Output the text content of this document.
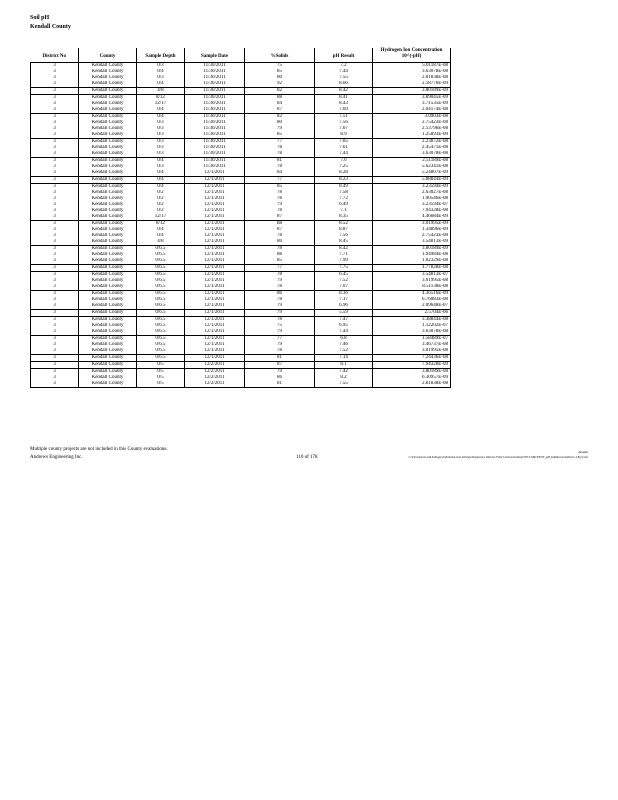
Soil pH
Kendall County
District No	County	Sample Depth	Sample Date	%Solids	pH Result	Hydrogen Ion Concentration
10^(-pH)

3	Kendall County	0/3	11/30/2011	75	7.2	5.01187E-08
3	Kendall County	0/4	11/30/2011	85	7.44	3.63078E-08
3	Kendall County	0/3	11/30/2011	80	7.55	2.81838E-08
3	Kendall County	0/4	11/30/2011	92	8.66	2.18776E-09
3	Kendall County	4/8	11/30/2011	82	8.42	3.80189E-09
3	Kendall County	8/12	11/30/2011	88	8.41	3.89045E-09
3	Kendall County	12/17	11/30/2011	84	8.43	3.71535E-09
3	Kendall County	0/4	11/30/2011	87	7.69	2.04174E-08
3	Kendall County	0/4	11/30/2011	82	7.51	3.0903E-08
3	Kendall County	0/3	11/30/2011	80	7.56	2.75423E-08
3	Kendall County	0/3	11/30/2011	79	7.67	2.13796E-08
3	Kendall County	0/3	11/30/2011	85	8.9	1.25893E-09
3	Kendall County	0/3	11/30/2011	77	7.65	2.23872E-08
3	Kendall County	0/3	11/30/2011	78	7.61	2.45471E-08
3	Kendall County	0/3	11/30/2011	78	7.44	3.63078E-08
3	Kendall County	0/4	11/30/2011	81	7.6	2.51189E-08
3	Kendall County	0/3	11/30/2011	78	7.25	5.62341E-08
3	Kendall County	0/4	12/1/2011	84	8.28	5.24807E-09
3	Kendall County	0/4	12/1/2011	77	8.23	5.88844E-09
3	Kendall County	0/4	12/1/2011	85	8.49	3.23594E-09
3	Kendall County	0/2	12/1/2011	78	7.58	2.63027E-08
3	Kendall County	0/2	12/1/2011	78	7.72	1.90546E-08
3	Kendall County	0/2	12/1/2011	79	6.49	3.23594E-07
3	Kendall County	0/2	12/1/2011	78	7.1	7.94328E-08
3	Kendall County	12/17	12/1/2011	87	8.35	4.46684E-09
3	Kendall County	8/12	12/1/2011	88	8.52	3.01995E-09
3	Kendall County	0/4	12/1/2011	87	8.87	1.34896E-09
3	Kendall County	0/4	12/1/2011	78	7.56	2.75423E-08
3	Kendall County	4/8	12/1/2011	86	8.45	3.54813E-09
3	Kendall County	0/6.5	12/1/2011	78	8.42	3.80189E-09
3	Kendall County	0/6.5	12/1/2011	88	7.71	1.94984E-08
3	Kendall County	0/6.5	12/1/2011	85	7.99	1.02329E-08
3	Kendall County	0/6.5	12/1/2011	77	7.75	1.77828E-08
3	Kendall County	0/6.5	12/1/2011	78	6.45	3.54813E-07
3	Kendall County	0/6.5	12/1/2011	79	7.52	3.01995E-08
3	Kendall County	0/6.5	12/1/2011	78	7.07	8.51138E-08
3	Kendall County	0/6.5	12/1/2011	86	8.36	4.36516E-09
3	Kendall County	0/6.5	12/1/2011	78	7.17	6.76083E-08
3	Kendall County	0/6.5	12/1/2011	79	6.96	2.09648E-07
3	Kendall County	0/6.5	12/1/2011	79	5.59	2.5704E-06
3	Kendall County	0/6.5	12/1/2011	78	7.47	3.38844E-08
3	Kendall County	0/6.5	12/1/2011	75	6.95	1.12202E-07
3	Kendall County	0/6.5	12/1/2011	79	7.44	3.63078E-08
3	Kendall County	0/6.5	12/1/2011	77	6.8	1.58489E-07
3	Kendall County	0/6.5	12/1/2011	79	7.46	3.46737E-08
3	Kendall County	0/6.5	12/1/2011	78	7.52	3.01995E-08
3	Kendall County	0/6.5	12/1/2011	81	7.14	7.24436E-08
3	Kendall County	0/5	12/2/2011	87	8.1	7.94328E-09
3	Kendall County	0/5	12/2/2011	79	7.42	3.80189E-08
3	Kendall County	0/5	12/2/2011	86	8.2	6.30957E-09
3	Kendall County	0/5	12/2/2011	81	7.55	2.81838E-08
Multiple county projects are not included in this County evaluations.
Andrews Engineering Inc.	110 of 178
Kendall
C:\Documents and Settings\yhd\mimi\Local Settings\Temporary Internet Files\Content.Outlook\7NCCSM1Y\EXT_pH_DATA\soil Andrews 4 8(2).xlsx
